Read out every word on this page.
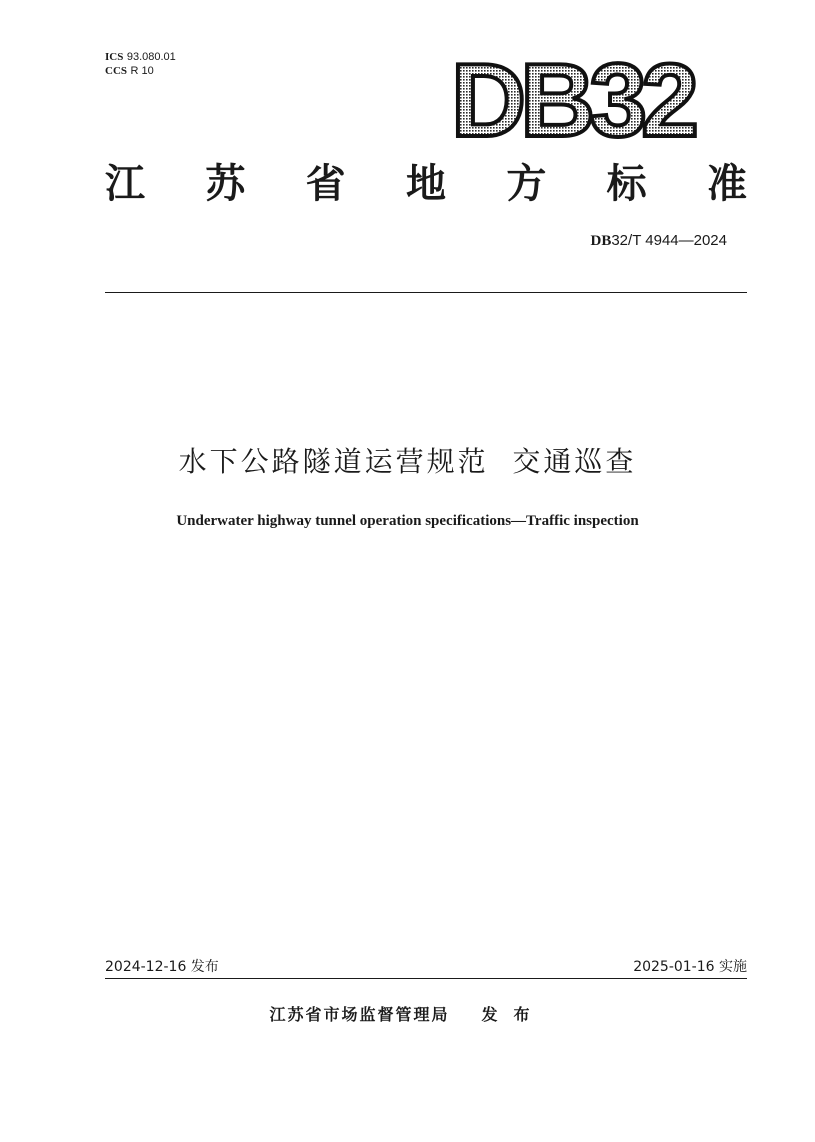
ICS 93.080.01
CCS R 10	DB32
江 苏 省 地 方 标 准
DB32/T 4944—2024
水下公路隧道运营规范  交通巡查
Underwater highway tunnel operation specifications—Traffic inspection
2024-12-16 发布	2025-01-16 实施
江苏省市场监督管理局 发布
